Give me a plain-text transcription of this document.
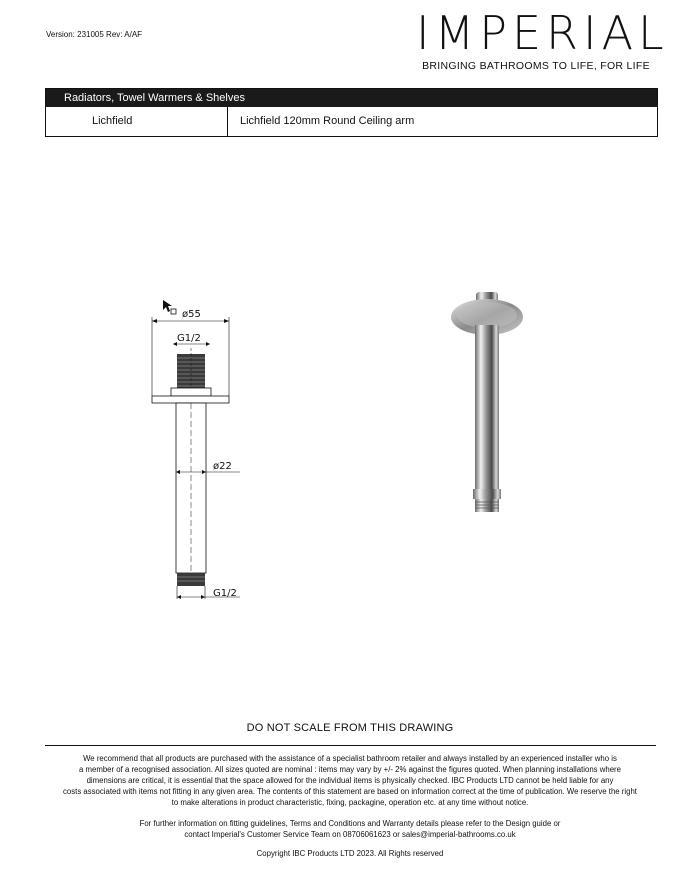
Version: 231005 Rev: A/AF	IMPERIAL
BRINGING BATHROOMS TO LIFE, FOR LIFE
Radiators, Towel Warmers & Shelves
Lichfield	Lichfield 120mm Round Ceiling arm
ø55
G1/2
ø22
G1/2
DO NOT SCALE FROM THIS DRAWING
We recommend that all products are purchased with the assistance of a specialist bathroom retailer and always installed by an experienced installer who is
a member of a recognised association. All sizes quoted are nominal : items may vary by +/- 2% against the figures quoted. When planning installations where
dimensions are critical, it is essential that the space allowed for the individual items is physically checked. IBC Products LTD cannot be held liable for any
costs associated with items not fitting in any given area. The contents of this statement are based on information correct at the time of publication. We reserve the right
to make alterations in product characteristic, fixing, packagine, operation etc. at any time without notice.
For further information on fitting guidelines, Terms and Conditions and Warranty details please refer to the Design guide or
contact Imperial's Customer Service Team on 08706061623 or sales@imperial-bathrooms.co.uk
Copyright IBC Products LTD 2023. All Rights reserved
